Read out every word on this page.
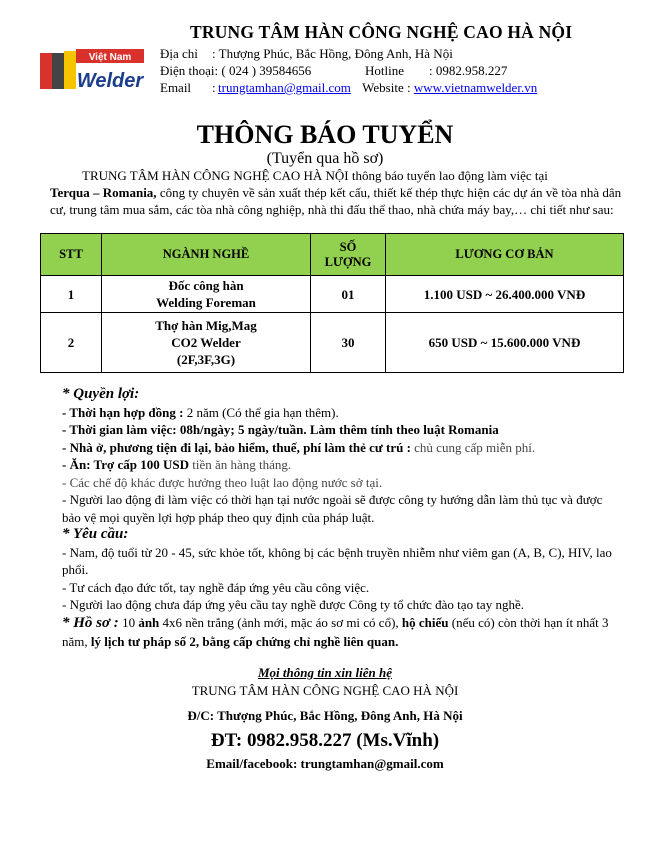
TRUNG TÂM HÀN CÔNG NGHỆ CAO HÀ NỘI
Việt Nam
Welder
Địa chỉ : Thượng Phúc, Bắc Hồng, Đông Anh, Hà Nội
Điện thoại: ( 024 ) 39584656	Hotline : 0982.958.227
Email : trungtamhan@gmail.com Website : www.vietnamwelder.vn
THÔNG BÁO TUYỂN
(Tuyển qua hồ sơ)

TRUNG TÂM HÀN CÔNG NGHỆ CAO HÀ NỘI thông báo tuyển lao động làm việc tại

Terqua – Romania, công ty chuyên về sản xuất thép kết cấu, thiết kế thép thực hiện các dự án về tòa nhà dân cư, trung tâm mua sắm, các tòa nhà công nghiệp, nhà thi đấu thể thao, nhà chứa máy bay,… chi tiết như sau:

STT	NGÀNH NGHỀ	SỐ LƯỢNG	LƯƠNG CƠ BẢN
1	Đốc công hàn
Welding Foreman	01	1.100 USD ~ 26.400.000 VNĐ
2	Thợ hàn Mig,Mag
CO2 Welder
(2F,3F,3G)	30	650 USD ~ 15.600.000 VNĐ

* Quyền lợi:

- Thời hạn hợp đồng : 2 năm (Có thể gia hạn thêm).

- Thời gian làm việc: 08h/ngày; 5 ngày/tuần. Làm thêm tính theo luật Romania

- Nhà ở, phương tiện đi lại, bảo hiểm, thuế, phí làm thẻ cư trú : chủ cung cấp miễn phí.

- Ăn: Trợ cấp 100 USD tiền ăn hàng tháng.

- Các chế độ khác được hưởng theo luật lao động nước sở tại.

- Người lao động đi làm việc có thời hạn tại nước ngoài sẽ được công ty hướng dẫn làm thủ tục và được bảo vệ mọi quyền lợi hợp pháp theo quy định của pháp luật.

* Yêu cầu:

- Nam, độ tuổi từ 20 - 45, sức khỏe tốt, không bị các bệnh truyền nhiễm như viêm gan (A, B, C), HIV, lao phổi.

- Tư cách đạo đức tốt, tay nghề đáp ứng yêu cầu công việc.

- Người lao động chưa đáp ứng yêu cầu tay nghề được Công ty tổ chức đào tạo tay nghề.

* Hồ sơ : 10 ảnh 4x6 nền trắng (ảnh mới, mặc áo sơ mi có cổ), hộ chiếu (nếu có) còn thời hạn ít nhất 3 năm, lý lịch tư pháp số 2, bằng cấp chứng chỉ nghề liên quan.

Mọi thông tin xin liên hệ
TRUNG TÂM HÀN CÔNG NGHỆ CAO HÀ NỘI
Đ/C: Thượng Phúc, Bắc Hồng, Đông Anh, Hà Nội
ĐT: 0982.958.227 (Ms.Vĩnh)
Email/facebook: trungtamhan@gmail.com
